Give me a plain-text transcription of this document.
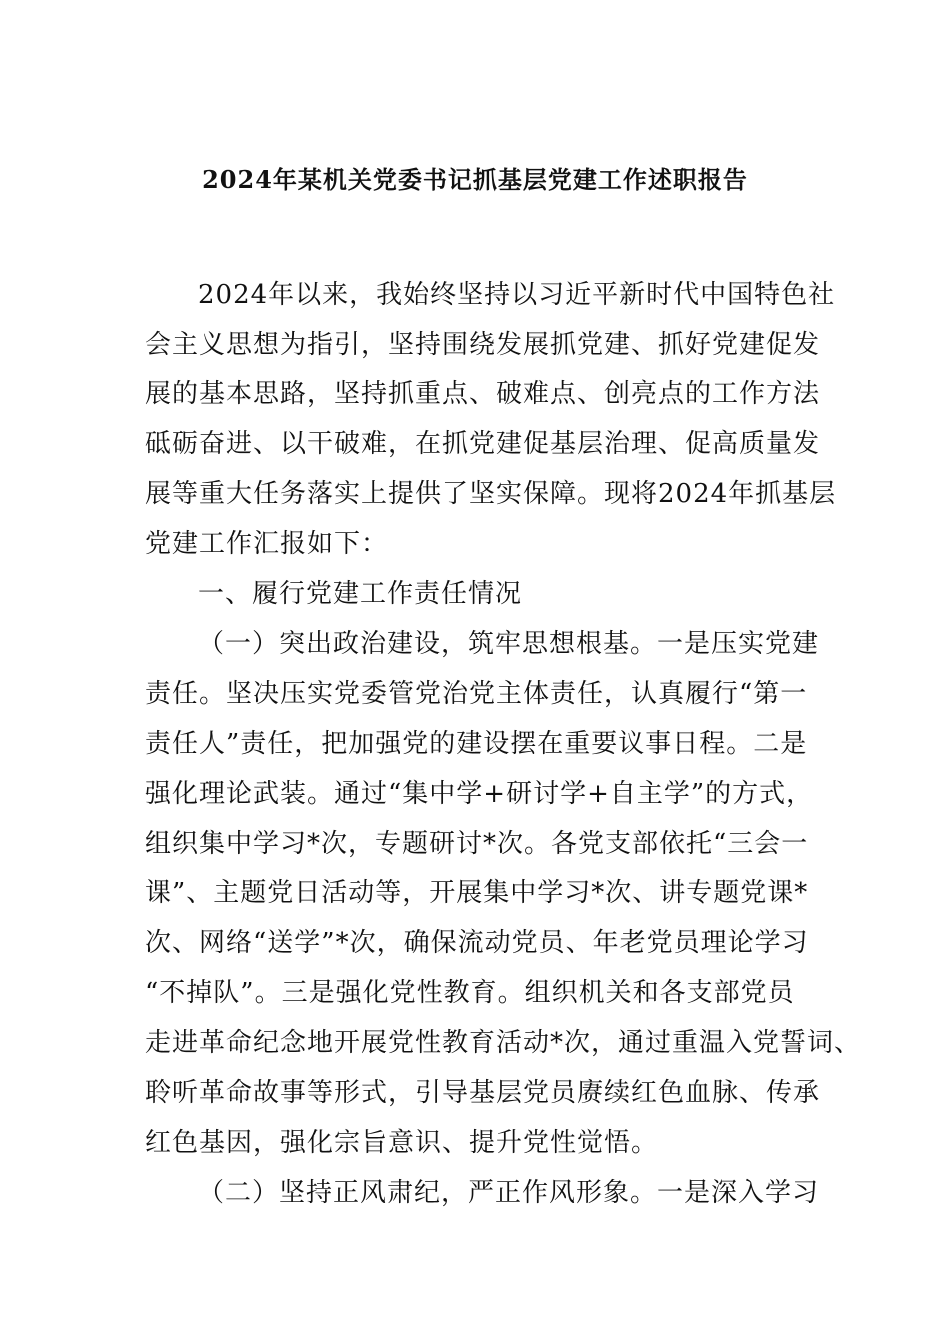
2024年某机关党委书记抓基层党建工作述职报告
2024年以来，我始终坚持以习近平新时代中国特色社
会主义思想为指引，坚持围绕发展抓党建、抓好党建促发
展的基本思路，坚持抓重点、破难点、创亮点的工作方法
砥砺奋进、以干破难，在抓党建促基层治理、促高质量发
展等重大任务落实上提供了坚实保障。现将2024年抓基层
党建工作汇报如下：
一、履行党建工作责任情况
（一）突出政治建设，筑牢思想根基。一是压实党建
责任。坚决压实党委管党治党主体责任，认真履行“第一
责任人”责任，把加强党的建设摆在重要议事日程。二是
强化理论武装。通过“集中学+研讨学+自主学”的方式，
组织集中学习*次，专题研讨*次。各党支部依托“三会一
课”、主题党日活动等，开展集中学习*次、讲专题党课*
次、网络“送学”*次，确保流动党员、年老党员理论学习
“不掉队”。三是强化党性教育。组织机关和各支部党员
走进革命纪念地开展党性教育活动*次，通过重温入党誓词、
聆听革命故事等形式，引导基层党员赓续红色血脉、传承
红色基因，强化宗旨意识、提升党性觉悟。
（二）坚持正风肃纪，严正作风形象。一是深入学习
